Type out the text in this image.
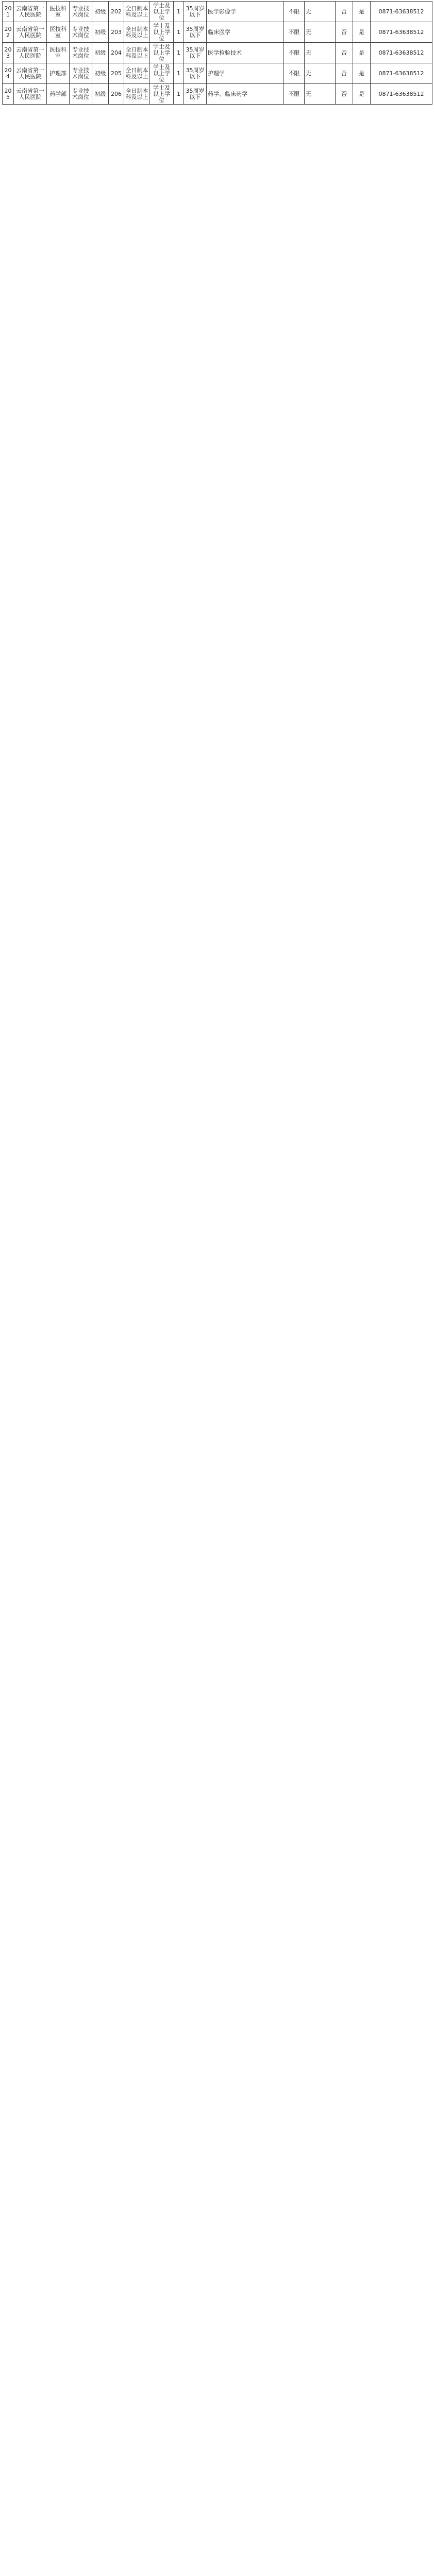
201	云南省第一人民医院	医技科室	专业技术岗位	初级	202	全日制本科及以上	学士及以上学位	1	35周岁以下	医学影像学	不限	无	否	是	0871-63638512
202	云南省第一人民医院	医技科室	专业技术岗位	初级	203	全日制本科及以上	学士及以上学位	1	35周岁以下	临床医学	不限	无	否	是	0871-63638512
203	云南省第一人民医院	医技科室	专业技术岗位	初级	204	全日制本科及以上	学士及以上学位	1	35周岁以下	医学检验技术	不限	无	否	是	0871-63638512
204	云南省第一人民医院	护理部	专业技术岗位	初级	205	全日制本科及以上	学士及以上学位	1	35周岁以下	护理学	不限	无	否	是	0871-63638512
205	云南省第一人民医院	药学部	专业技术岗位	初级	206	全日制本科及以上	学士及以上学位	1	35周岁以下	药学、临床药学	不限	无	否	是	0871-63638512
